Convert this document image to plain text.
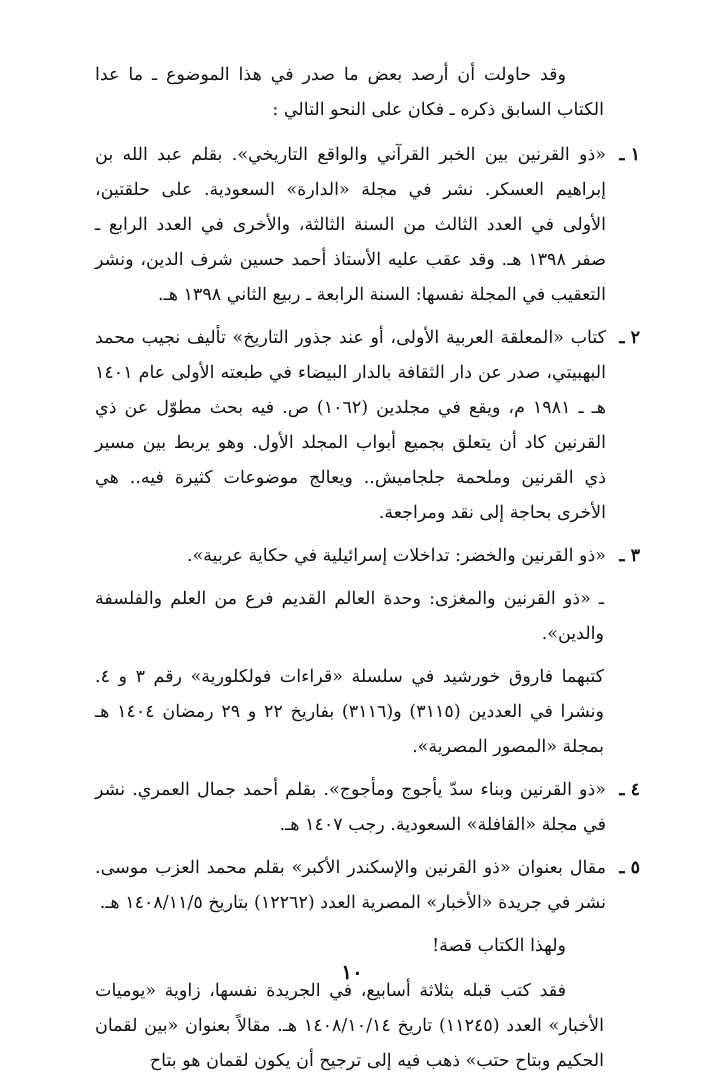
وقد حاولت أن أرصد بعض ما صدر في هذا الموضوع ـ ما عدا الكتاب السابق ذكره ـ فكان على النحو التالي :

١ ـ
«ذو القرنين بين الخبر القرآني والواقع التاريخي». بقلم عبد الله بن إبراهيم العسكر. نشر في مجلة «الدارة» السعودية. على حلقتين، الأولى في العدد الثالث من السنة الثالثة، والأخرى في العدد الرابع ـ صفر ١٣٩٨ هـ. وقد عقب عليه الأستاذ أحمد حسين شرف الدين، ونشر التعقيب في المجلة نفسها: السنة الرابعة ـ ربيع الثاني ١٣٩٨ هـ.
٢ ـ
كتاب «المعلقة العربية الأولى، أو عند جذور التاريخ» تأليف نجيب محمد البهبيتي، صدر عن دار الثقافة بالدار البيضاء في طبعته الأولى عام ١٤٠١ هـ ـ ١٩٨١ م، ويقع في مجلدين (١٠٦٢) ص. فيه بحث مطوّل عن ذي القرنين كاد أن يتعلق بجميع أبواب المجلد الأول. وهو يربط بين مسير ذي القرنين وملحمة جلجاميش.. ويعالج موضوعات كثيرة فيه.. هي الأخرى بحاجة إلى نقد ومراجعة.
٣ ـ
«ذو القرنين والخضر: تداخلات إسرائيلية في حكاية عربية».

ـ «ذو القرنين والمغزى: وحدة العالم القديم فرع من العلم والفلسفة والدين».

كتبهما فاروق خورشيد في سلسلة «قراءات فولكلورية» رقم ٣ و ٤. ونشرا في العددين (٣١١٥) و(٣١١٦) بفاريخ ٢٢ و ٢٩ رمضان ١٤٠٤ هـ بمجلة «المصور المصرية».

٤ ـ
«ذو القرنين وبناء سدّ يأجوج ومأجوج». بقلم أحمد جمال العمري. نشر في مجلة «القافلة» السعودية. رجب ١٤٠٧ هـ.
٥ ـ
مقال بعنوان «ذو القرنين والإسكندر الأكبر» بقلم محمد العزب موسى. نشر في جريدة «الأخبار» المصرية العدد (١٢٢٦٢) بتاريخ ١٤٠٨/١١/٥ هـ.

ولهذا الكتاب قصة!

فقد كتب قبله بثلاثة أسابيع، في الجريدة نفسها، زاوية «يوميات الأخبار» العدد (١١٢٤٥) تاريخ ١٤٠٨/١٠/١٤ هـ. مقالاً بعنوان «بين لقمان الحكيم وبتاح حتب» ذهب فيه إلى ترجيح أن يكون لقمان هو بتاح

١٠
